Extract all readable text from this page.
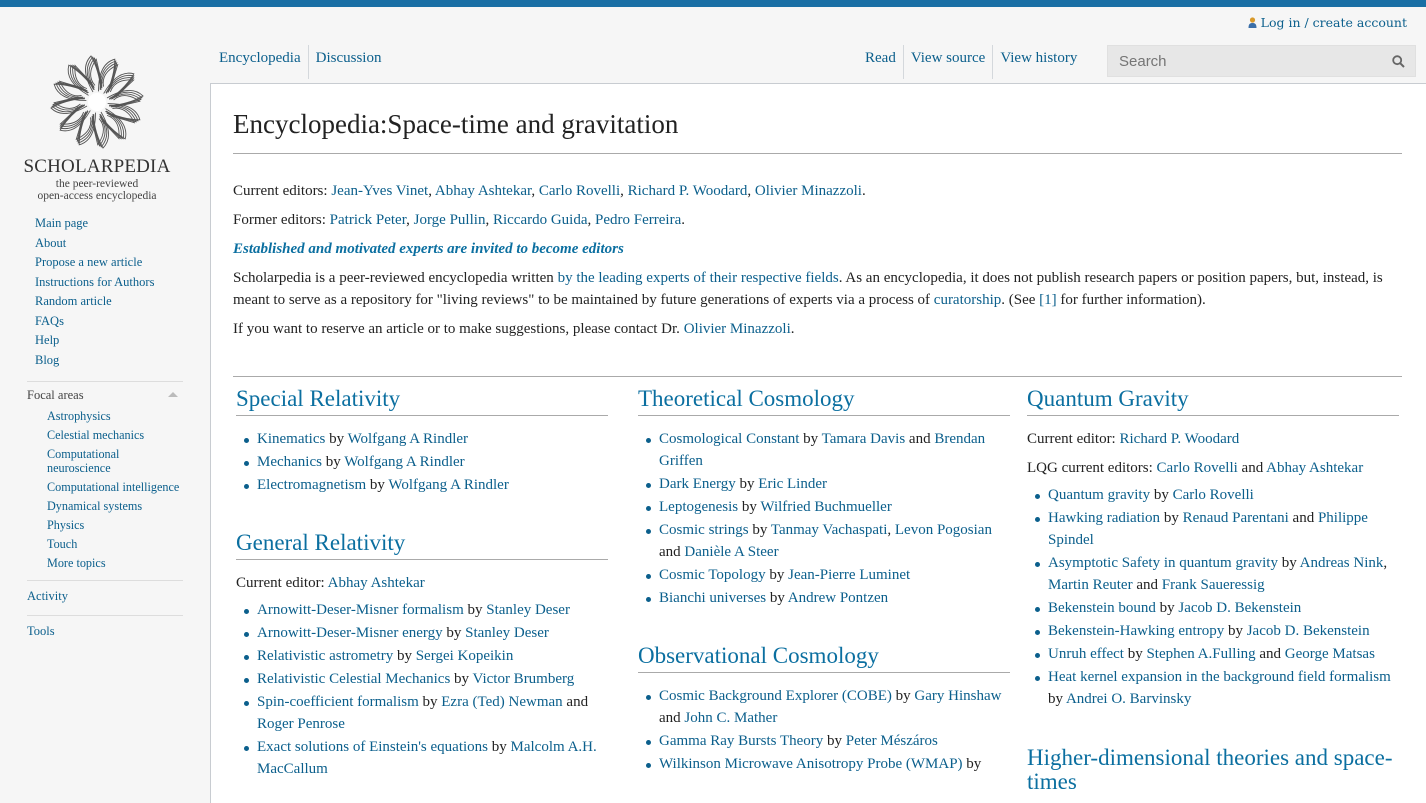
Log in / create account
SCHOLARPEDIA
the peer-reviewed
open-access encyclopedia
Main page
About
Propose a new article
Instructions for Authors
Random article
FAQs
Help
Blog
Focal areas
Astrophysics
Celestial mechanics
Computational neuroscience
Computational intelligence
Dynamical systems
Physics
Touch
More topics
Activity
Tools
Encyclopedia	Discussion	Read	View source	View history
Search
Encyclopedia:Space-time and gravitation

Current editors: Jean-Yves Vinet, Abhay Ashtekar, Carlo Rovelli, Richard P. Woodard, Olivier Minazzoli.

Former editors: Patrick Peter, Jorge Pullin, Riccardo Guida, Pedro Ferreira.

Established and motivated experts are invited to become editors

Scholarpedia is a peer-reviewed encyclopedia written by the leading experts of their respective fields. As an encyclopedia, it does not publish research papers or position papers, but, instead, is meant to serve as a repository for "living reviews" to be maintained by future generations of experts via a process of curatorship. (See [1] for further information).

If you want to reserve an article or to make suggestions, please contact Dr. Olivier Minazzoli.

Special Relativity
Kinematics by Wolfgang A Rindler
Mechanics by Wolfgang A Rindler
Electromagnetism by Wolfgang A Rindler
General Relativity

Current editor: Abhay Ashtekar

Arnowitt-Deser-Misner formalism by Stanley Deser
Arnowitt-Deser-Misner energy by Stanley Deser
Relativistic astrometry by Sergei Kopeikin
Relativistic Celestial Mechanics by Victor Brumberg
Spin-coefficient formalism by Ezra (Ted) Newman and Roger Penrose
Exact solutions of Einstein's equations by Malcolm A.H. MacCallum
Theoretical Cosmology
Cosmological Constant by Tamara Davis and Brendan Griffen
Dark Energy by Eric Linder
Leptogenesis by Wilfried Buchmueller
Cosmic strings by Tanmay Vachaspati, Levon Pogosian and Danièle A Steer
Cosmic Topology by Jean-Pierre Luminet
Bianchi universes by Andrew Pontzen
Observational Cosmology
Cosmic Background Explorer (COBE) by Gary Hinshaw and John C. Mather
Gamma Ray Bursts Theory by Peter Mészáros
Wilkinson Microwave Anisotropy Probe (WMAP) by
Quantum Gravity

Current editor: Richard P. Woodard

LQG current editors: Carlo Rovelli and Abhay Ashtekar

Quantum gravity by Carlo Rovelli
Hawking radiation by Renaud Parentani and Philippe Spindel
Asymptotic Safety in quantum gravity by Andreas Nink, Martin Reuter and Frank Saueressig
Bekenstein bound by Jacob D. Bekenstein
Bekenstein-Hawking entropy by Jacob D. Bekenstein
Unruh effect by Stephen A.Fulling and George Matsas
Heat kernel expansion in the background field formalism by Andrei O. Barvinsky
Higher-dimensional theories and space-times
